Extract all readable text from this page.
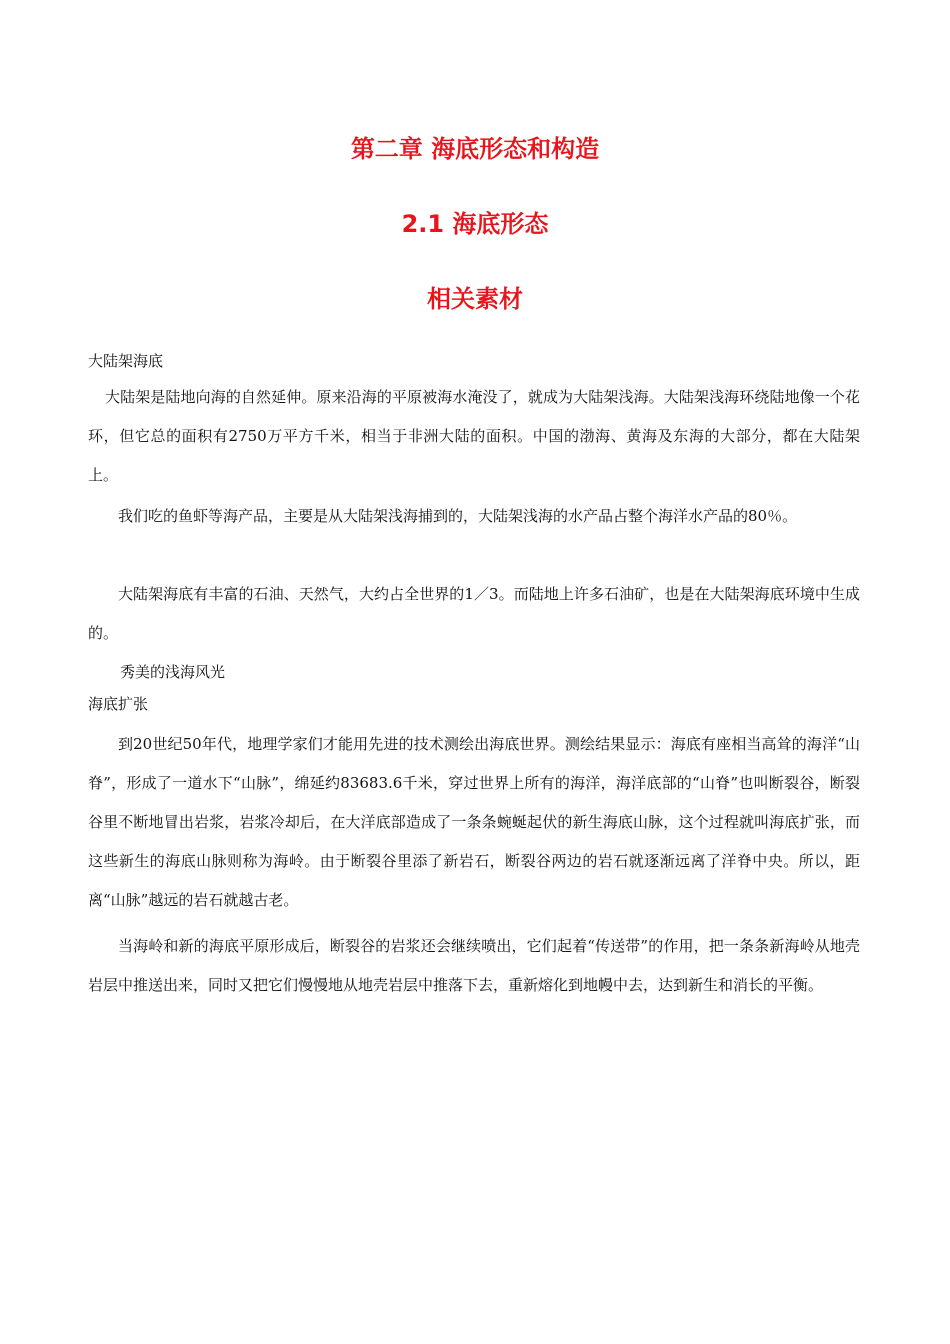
第二章 海底形态和构造
2.1 海底形态
相关素材

大陆架海底

大陆架是陆地向海的自然延伸。原来沿海的平原被海水淹没了，就成为大陆架浅海。大陆架浅海环绕陆地像一个花环，但它总的面积有2750万平方千米，相当于非洲大陆的面积。中国的渤海、黄海及东海的大部分，都在大陆架上。

我们吃的鱼虾等海产品，主要是从大陆架浅海捕到的，大陆架浅海的水产品占整个海洋水产品的80％。

大陆架海底有丰富的石油、天然气，大约占全世界的1／3。而陆地上许多石油矿，也是在大陆架海底环境中生成的。

秀美的浅海风光

海底扩张

到20世纪50年代，地理学家们才能用先进的技术测绘出海底世界。测绘结果显示：海底有座相当高耸的海洋“山脊”，形成了一道水下“山脉”，绵延约83683.6千米，穿过世界上所有的海洋，海洋底部的“山脊”也叫断裂谷，断裂谷里不断地冒出岩浆，岩浆冷却后，在大洋底部造成了一条条蜿蜒起伏的新生海底山脉，这个过程就叫海底扩张，而这些新生的海底山脉则称为海岭。由于断裂谷里添了新岩石，断裂谷两边的岩石就逐渐远离了洋脊中央。所以，距离“山脉”越远的岩石就越古老。

当海岭和新的海底平原形成后，断裂谷的岩浆还会继续喷出，它们起着“传送带”的作用，把一条条新海岭从地壳岩层中推送出来，同时又把它们慢慢地从地壳岩层中推落下去，重新熔化到地幔中去，达到新生和消长的平衡。
